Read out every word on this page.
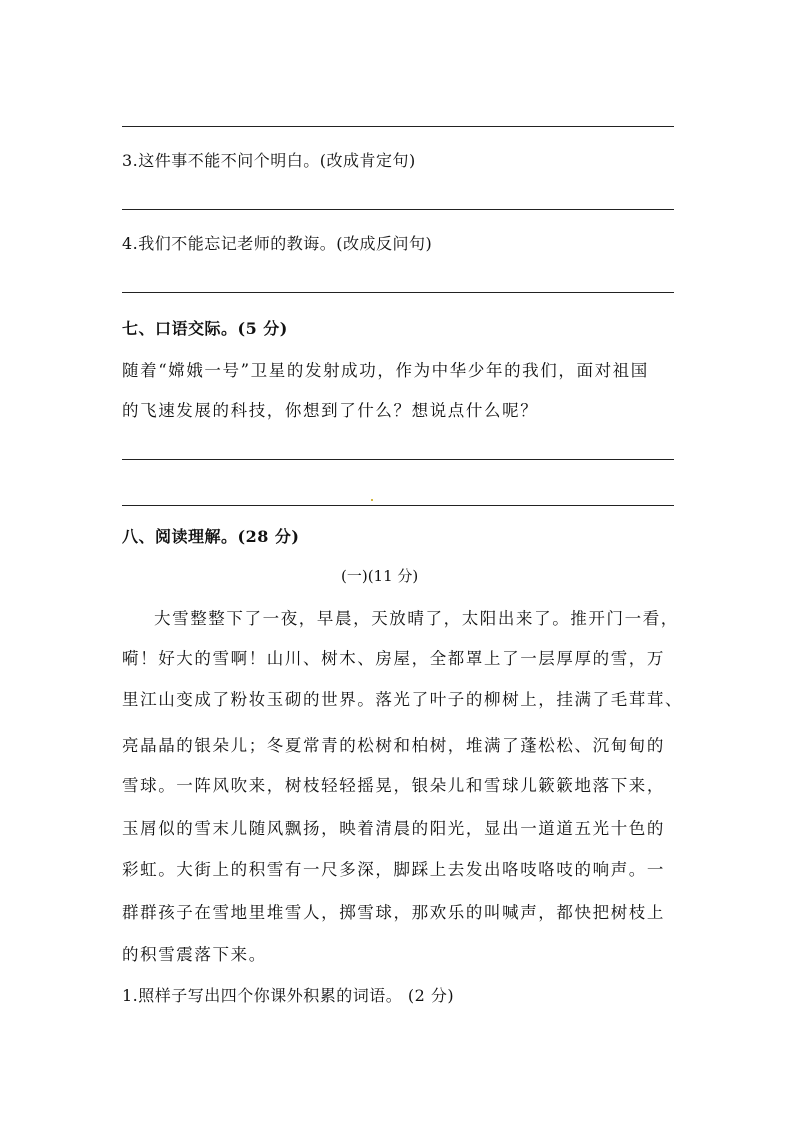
3.这件事不能不问个明白。(改成肯定句)
4.我们不能忘记老师的教诲。(改成反问句)
七、口语交际。(5 分)
随着“嫦娥一号”卫星的发射成功，作为中华少年的我们，面对祖国
的飞速发展的科技，你想到了什么？想说点什么呢？
八、阅读理解。(28 分)
(一)(11 分)
大雪整整下了一夜，早晨，天放晴了，太阳出来了。推开门一看，
嗬！好大的雪啊！山川、树木、房屋，全都罩上了一层厚厚的雪，万
里江山变成了粉妆玉砌的世界。落光了叶子的柳树上，挂满了毛茸茸、
亮晶晶的银朵儿；冬夏常青的松树和柏树，堆满了蓬松松、沉甸甸的
雪球。一阵风吹来，树枝轻轻摇晃，银朵儿和雪球儿簌簌地落下来，
玉屑似的雪末儿随风飘扬，映着清晨的阳光，显出一道道五光十色的
彩虹。大街上的积雪有一尺多深，脚踩上去发出咯吱咯吱的响声。一
群群孩子在雪地里堆雪人，掷雪球，那欢乐的叫喊声，都快把树枝上
的积雪震落下来。
1.照样子写出四个你课外积累的词语。 (2 分)
